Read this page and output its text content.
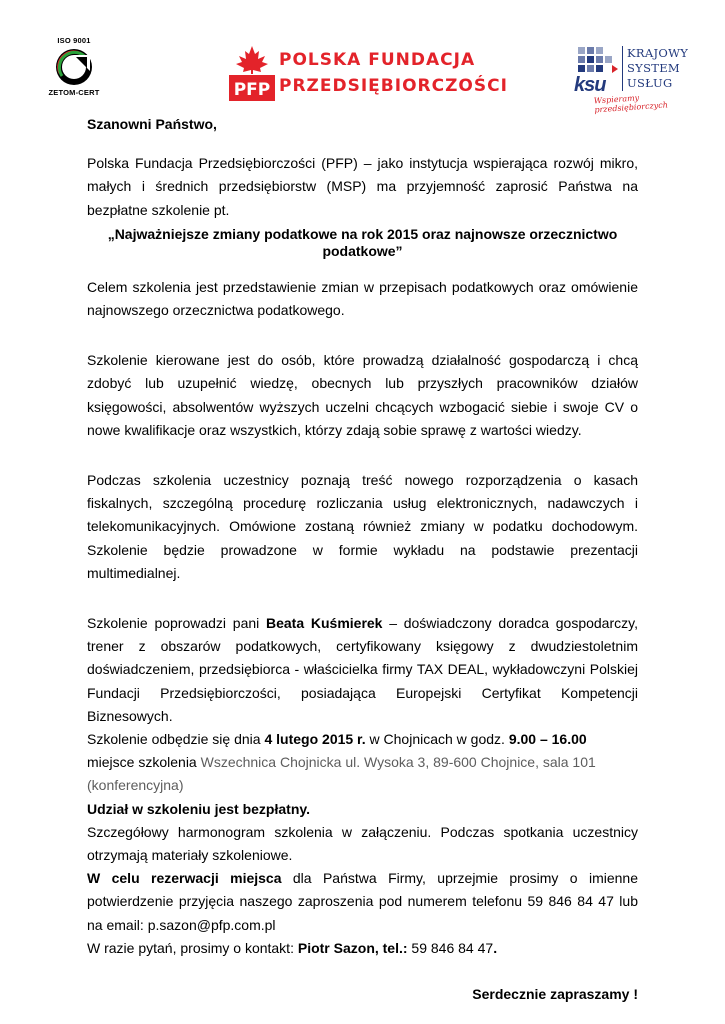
ISO 9001
ZETOM-CERT	PFP
POLSKA FUNDACJA
PRZEDSIĘBIORCZOŚCI	ksu
KRAJOWY
SYSTEM
USŁUG
Wspieramy przedsiębiorczych

Szanowni Państwo,

Polska Fundacja Przedsiębiorczości (PFP) – jako instytucja wspierająca rozwój mikro, małych i średnich przedsiębiorstw (MSP) ma przyjemność zaprosić Państwa na bezpłatne szkolenie pt.

„Najważniejsze zmiany podatkowe na rok 2015 oraz najnowsze orzecznictwo podatkowe”

Celem szkolenia jest przedstawienie zmian w przepisach podatkowych oraz omówienie najnowszego orzecznictwa podatkowego.

Szkolenie kierowane jest do osób, które prowadzą działalność gospodarczą i chcą zdobyć lub uzupełnić wiedzę, obecnych lub przyszłych pracowników działów księgowości, absolwentów wyższych uczelni chcących wzbogacić siebie i swoje CV o nowe kwalifikacje oraz wszystkich, którzy zdają sobie sprawę z wartości wiedzy.

Podczas szkolenia uczestnicy poznają treść nowego rozporządzenia o kasach fiskalnych, szczególną procedurę rozliczania usług elektronicznych, nadawczych i telekomunikacyjnych. Omówione zostaną również zmiany w podatku dochodowym. Szkolenie będzie prowadzone w formie wykładu na podstawie prezentacji multimedialnej.

Szkolenie poprowadzi pani Beata Kuśmierek – doświadczony doradca gospodarczy, trener z obszarów podatkowych, certyfikowany księgowy z dwudziestoletnim doświadczeniem, przedsiębiorca - właścicielka firmy TAX DEAL, wykładowczyni Polskiej Fundacji Przedsiębiorczości, posiadająca Europejski Certyfikat Kompetencji Biznesowych.

Szkolenie odbędzie się dnia 4 lutego 2015 r. w Chojnicach w godz. 9.00 – 16.00 miejsce szkolenia Wszechnica Chojnicka ul. Wysoka 3, 89-600 Chojnice, sala 101 (konferencyjna)

Udział w szkoleniu jest bezpłatny.

Szczegółowy harmonogram szkolenia w załączeniu. Podczas spotkania uczestnicy otrzymają materiały szkoleniowe.

W celu rezerwacji miejsca dla Państwa Firmy, uprzejmie prosimy o imienne potwierdzenie przyjęcia naszego zaproszenia pod numerem telefonu 59 846 84 47 lub na email: p.sazon@pfp.com.pl

W razie pytań, prosimy o kontakt: Piotr Sazon, tel.: 59 846 84 47.

Serdecznie zapraszamy !
